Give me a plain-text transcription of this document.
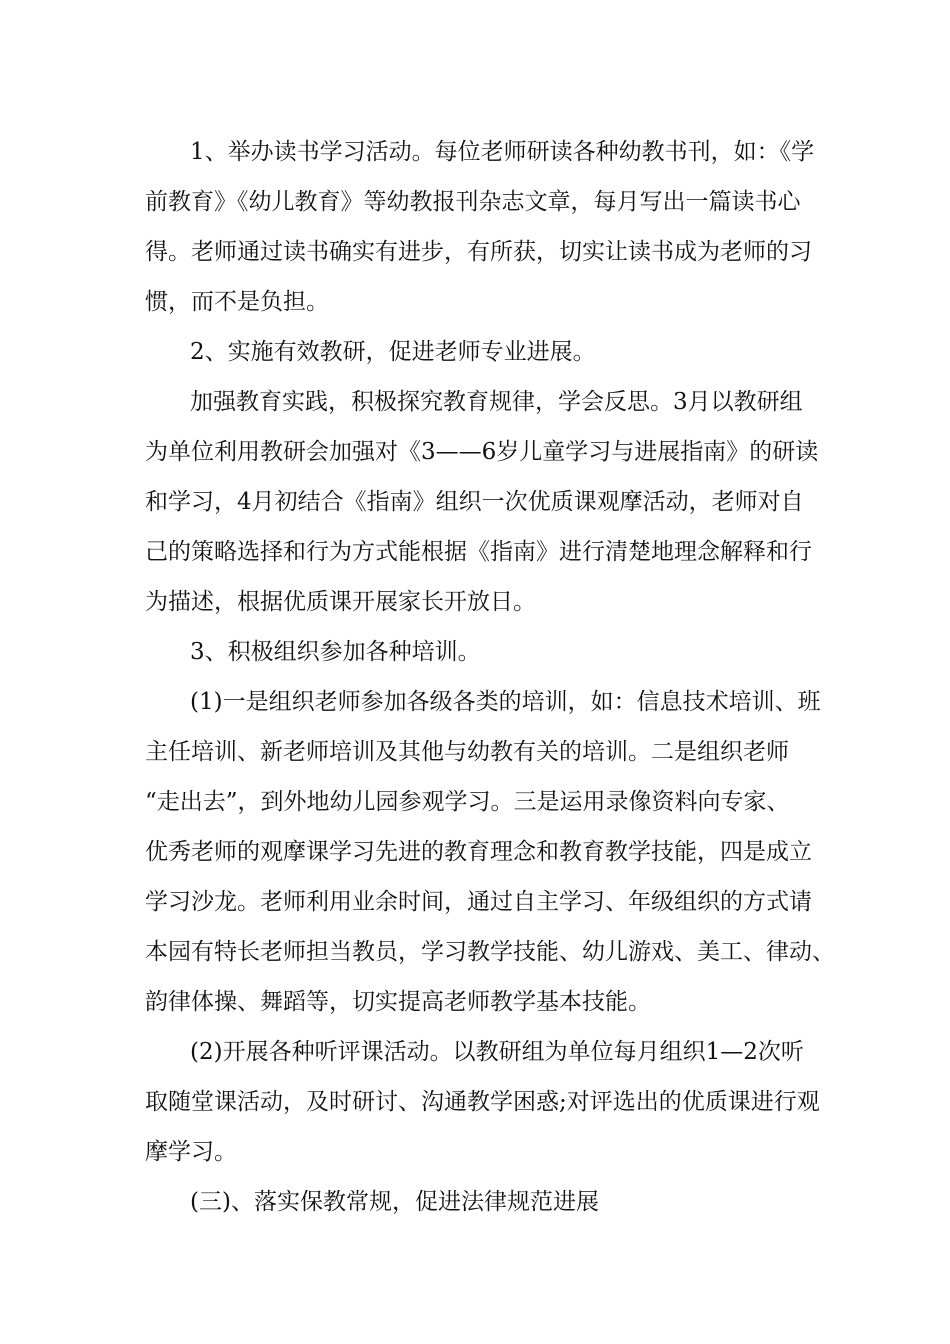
1、举办读书学习活动。每位老师研读各种幼教书刊，如：《学
前教育》《幼儿教育》等幼教报刊杂志文章，每月写出一篇读书心
得。老师通过读书确实有进步，有所获，切实让读书成为老师的习
惯，而不是负担。
2、实施有效教研，促进老师专业进展。
加强教育实践，积极探究教育规律，学会反思。3月以教研组
为单位利用教研会加强对《3——6岁儿童学习与进展指南》的研读
和学习，4月初结合《指南》组织一次优质课观摩活动，老师对自
己的策略选择和行为方式能根据《指南》进行清楚地理念解释和行
为描述，根据优质课开展家长开放日。
3、积极组织参加各种培训。
(1)一是组织老师参加各级各类的培训，如：信息技术培训、班
主任培训、新老师培训及其他与幼教有关的培训。二是组织老师
“走出去”，到外地幼儿园参观学习。三是运用录像资料向专家、
优秀老师的观摩课学习先进的教育理念和教育教学技能，四是成立
学习沙龙。老师利用业余时间，通过自主学习、年级组织的方式请
本园有特长老师担当教员，学习教学技能、幼儿游戏、美工、律动、
韵律体操、舞蹈等，切实提高老师教学基本技能。
(2)开展各种听评课活动。以教研组为单位每月组织1—2次听
取随堂课活动，及时研讨、沟通教学困惑;对评选出的优质课进行观
摩学习。
(三)、落实保教常规，促进法律规范进展
